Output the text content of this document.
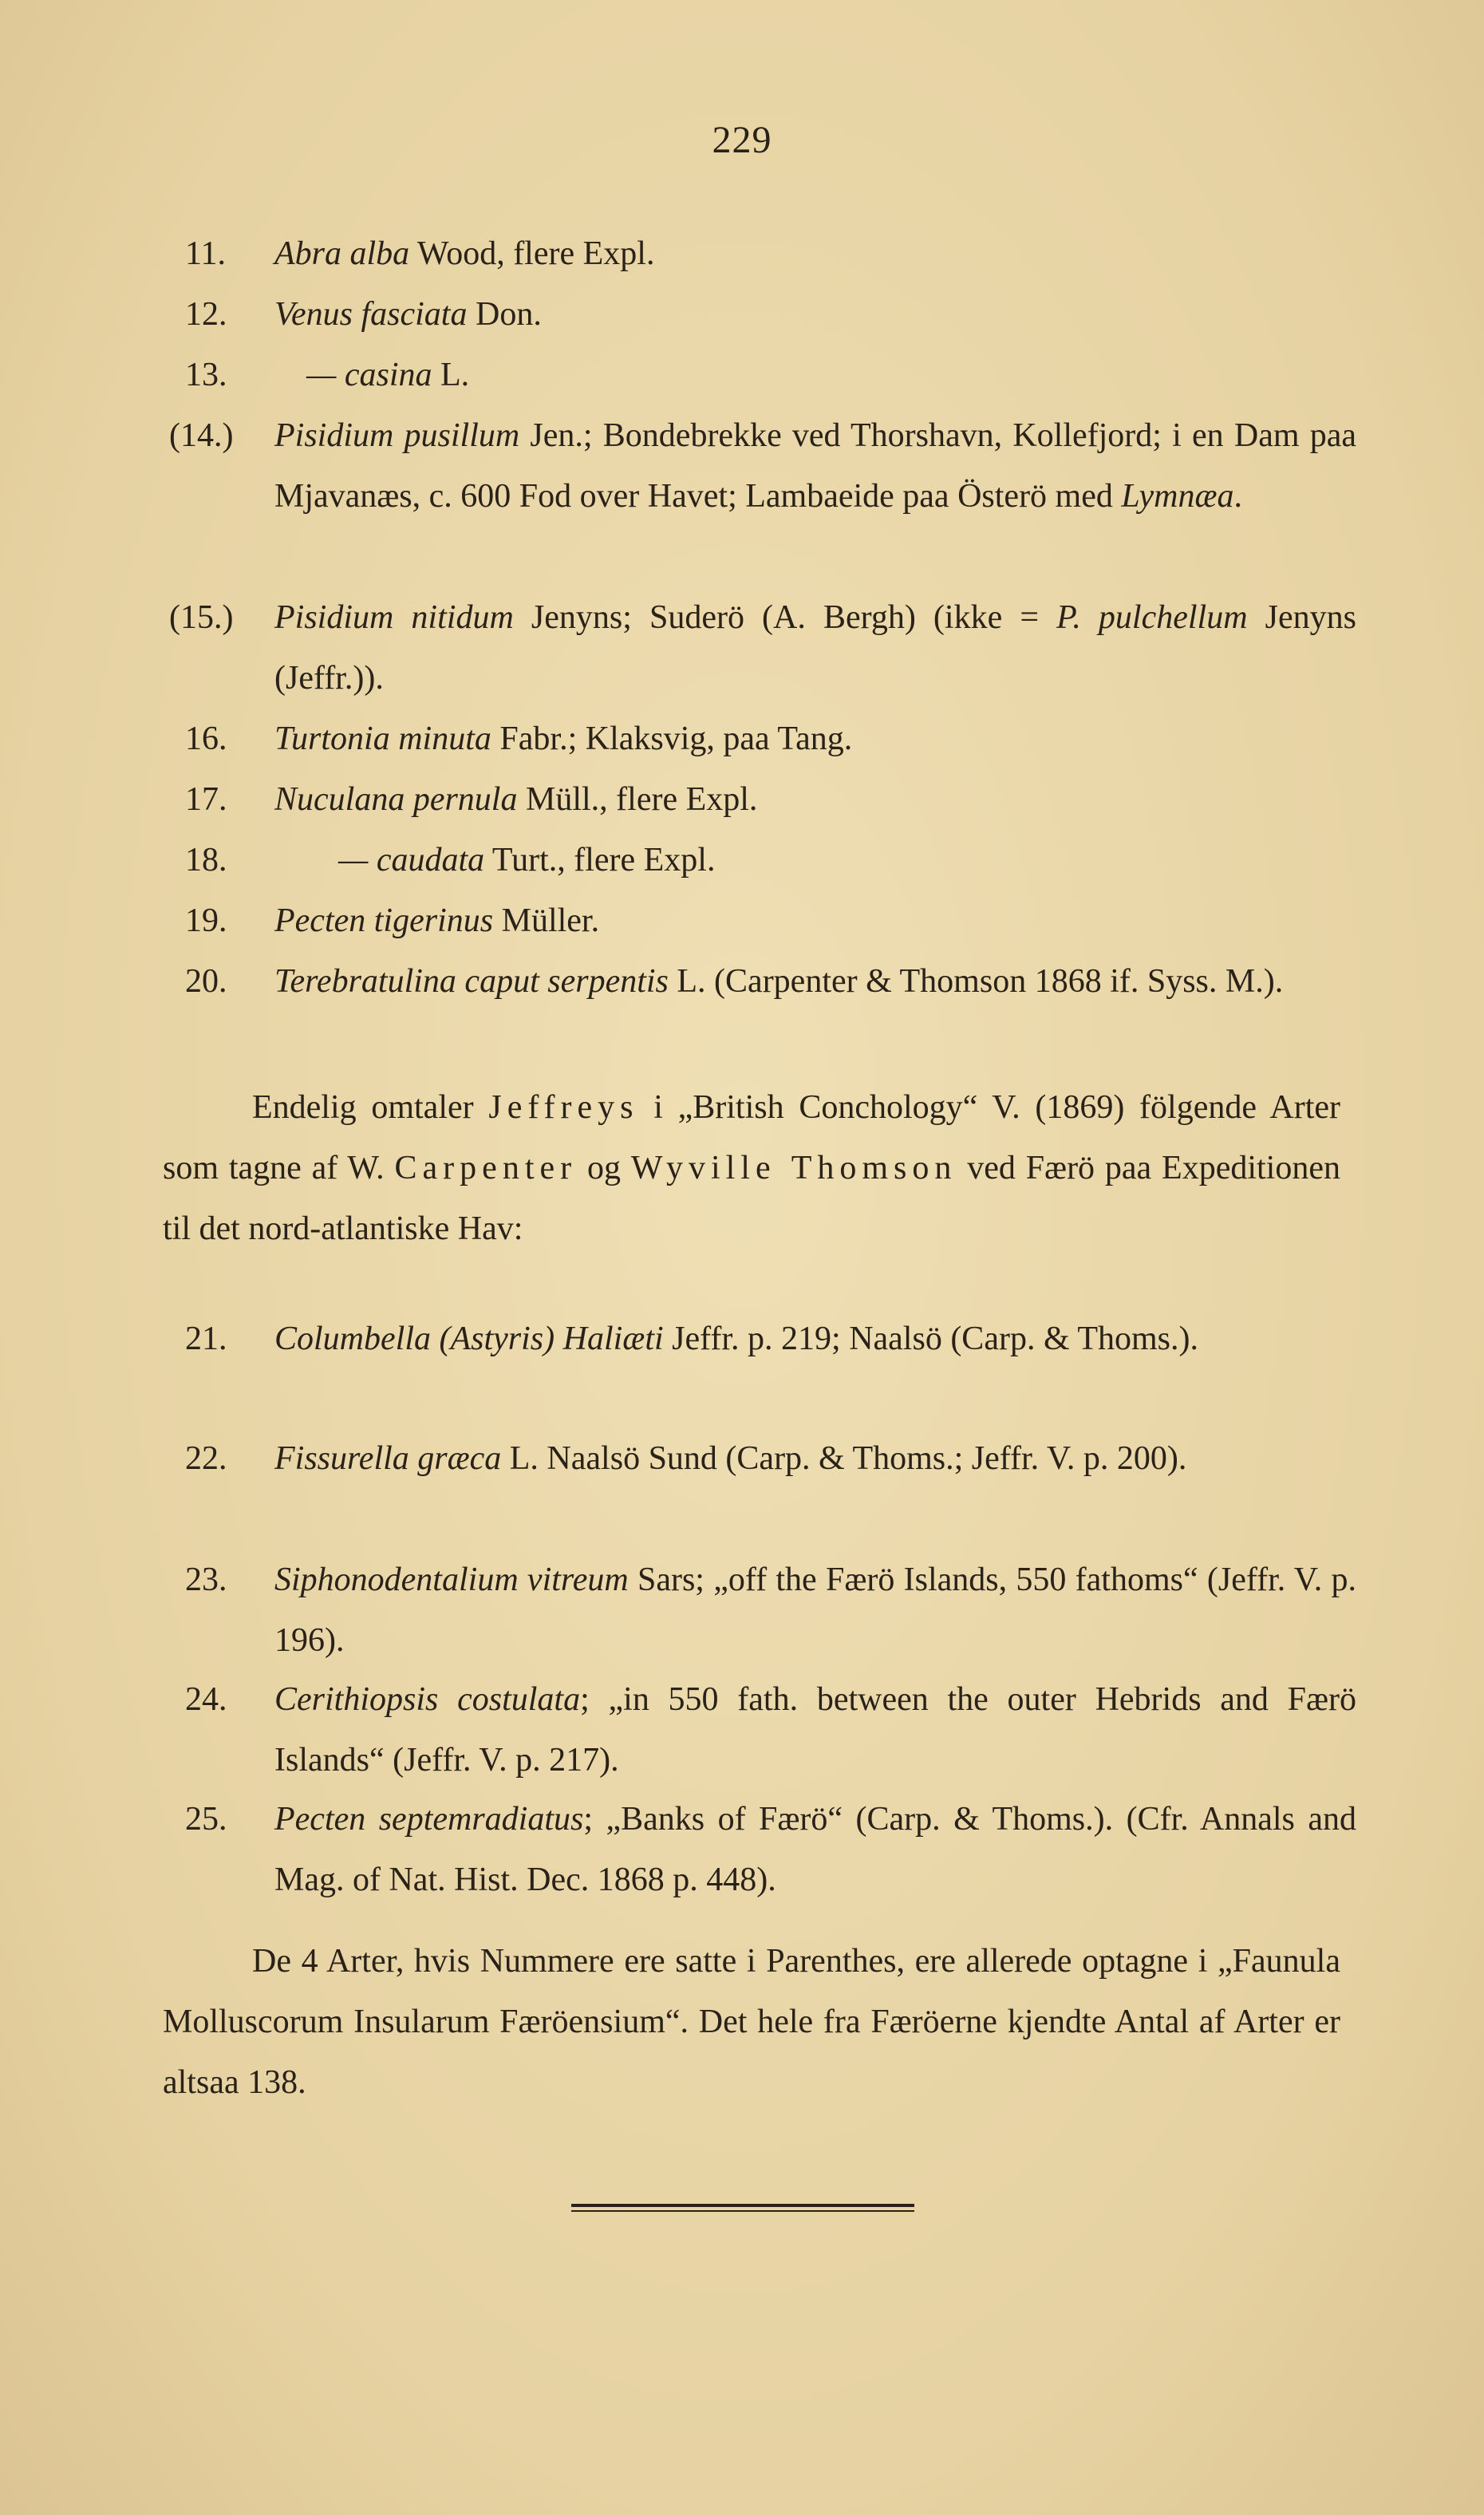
229
11. Abra alba Wood, flere Expl.
12. Venus fasciata Don.
13.	— casina L.
(14.) Pisidium pusillum Jen.; Bondebrekke ved Thorshavn, Kollefjord; i en Dam paa Mjavanæs, c. 600 Fod over Havet; Lambaeide paa Österö med Lymnæa.
(15.) Pisidium nitidum Jenyns; Suderö (A. Bergh) (ikke = P. pulchellum Jenyns (Jeffr.)).
16. Turtonia minuta Fabr.; Klaksvig, paa Tang.
17. Nuculana pernula Müll., flere Expl.
18.	— caudata Turt., flere Expl.
19. Pecten tigerinus Müller.
20. Terebratulina caput serpentis L. (Carpenter & Thomson 1868 if. Syss. M.).
21. Columbella (Astyris) Haliæti Jeffr. p. 219; Naalsö (Carp. & Thoms.).
22. Fissurella græca L. Naalsö Sund (Carp. & Thoms.; Jeffr. V. p. 200).
23. Siphonodentalium vitreum Sars; „off the Færö Islands, 550 fathoms“ (Jeffr. V. p. 196).
24. Cerithiopsis costulata; „in 550 fath. between the outer Hebrids and Færö Islands“ (Jeffr. V. p. 217).
25. Pecten septemradiatus; „Banks of Færö“ (Carp. & Thoms.). (Cfr. Annals and Mag. of Nat. Hist. Dec. 1868 p. 448).
Endelig omtaler Jeffreys i „British Conchology“ V. (1869) fölgende Arter som tagne af W. Carpenter og Wyville Thomson ved Færö paa Expeditionen til det nord-atlantiske Hav:
De 4 Arter, hvis Nummere ere satte i Parenthes, ere allerede optagne i „Faunula Molluscorum Insularum Færöensium“. Det hele fra Færöerne kjendte Antal af Arter er altsaa 138.
